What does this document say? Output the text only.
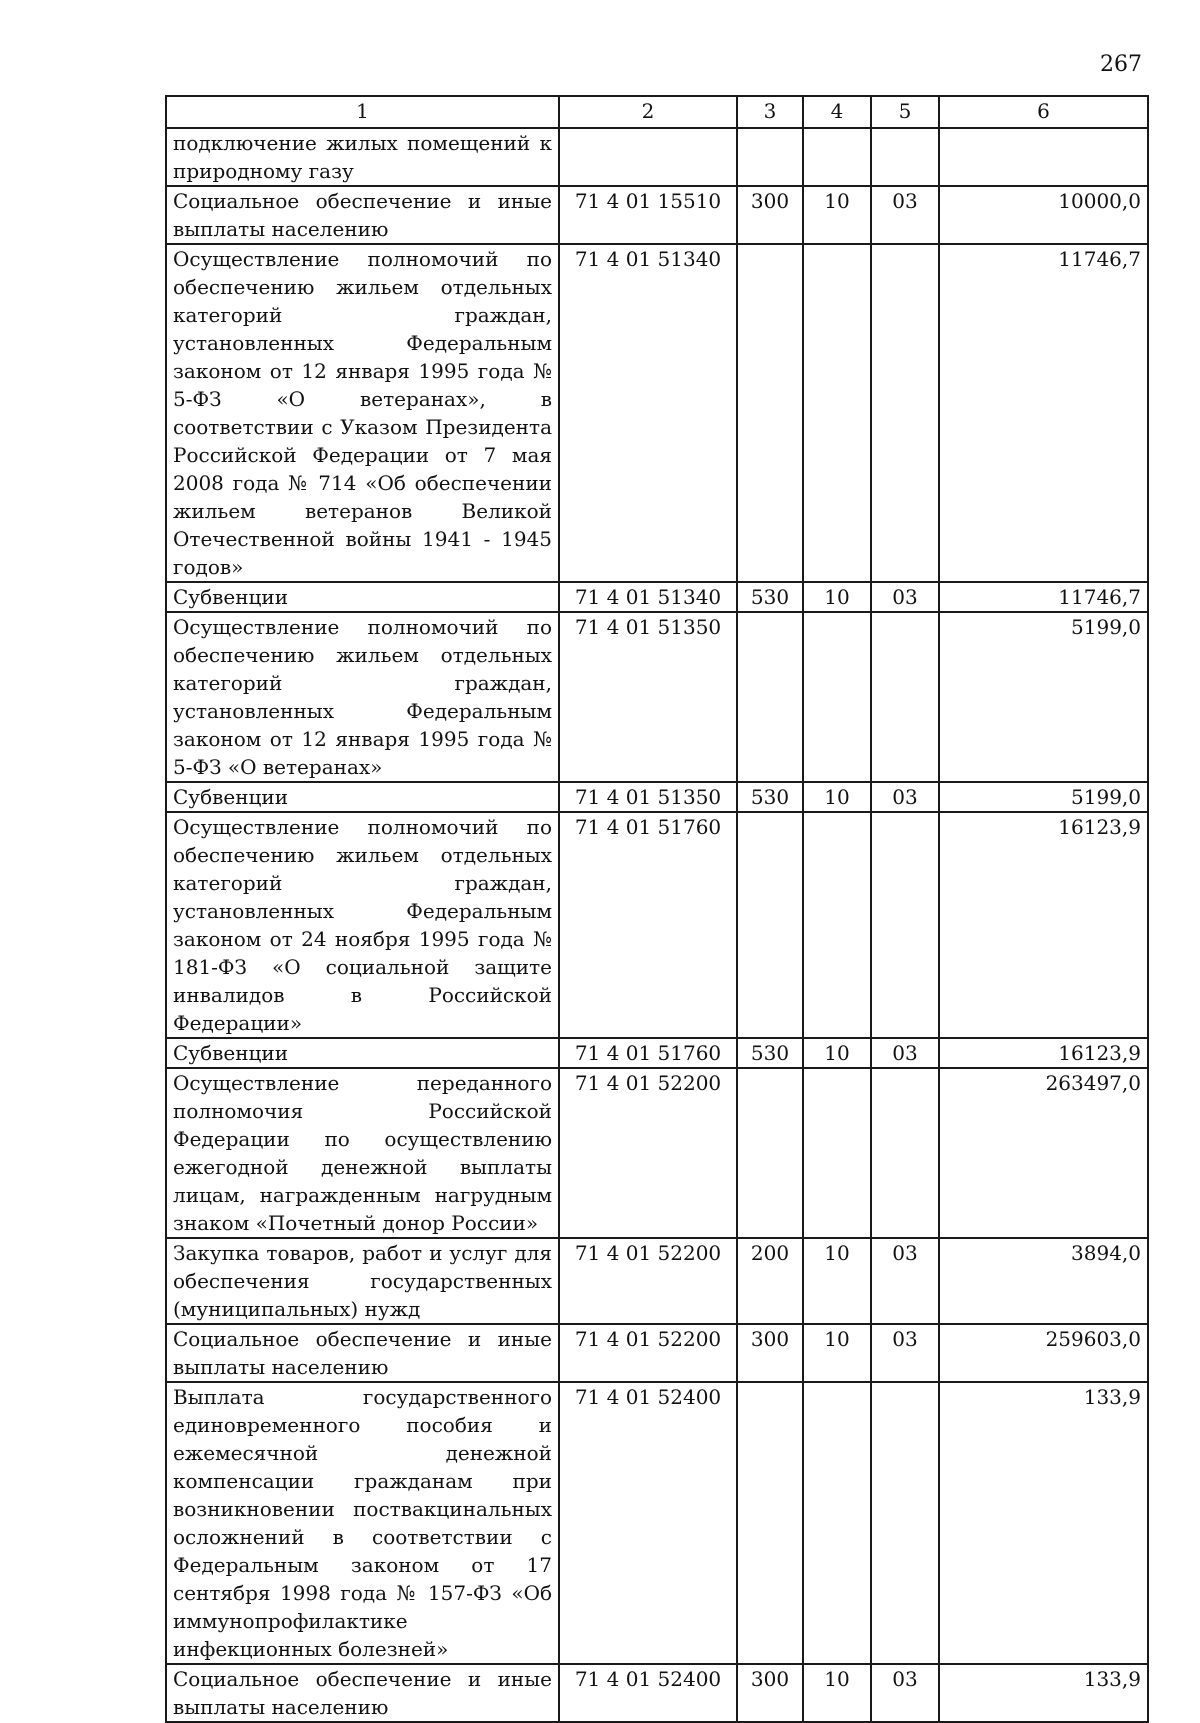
267
1	2	3	4	5	6
подключение жилых помещений к природному газу					
Социальное обеспечение и иные выплаты населению	71 4 01 15510	300	10	03	10000,0
Осуществление полномочий по обеспечению жильем отдельных категорий граждан, установленных Федеральным законом от 12 января 1995 года № 5-ФЗ «О ветеранах», в соответствии с Указом Президента Российской Федерации от 7 мая 2008 года № 714 «Об обеспечении жильем ветеранов Великой Отечественной войны 1941 - 1945 годов»	71 4 01 51340				11746,7
Субвенции	71 4 01 51340	530	10	03	11746,7
Осуществление полномочий по обеспечению жильем отдельных категорий граждан, установленных Федеральным законом от 12 января 1995 года № 5-ФЗ «О ветеранах»	71 4 01 51350				5199,0
Субвенции	71 4 01 51350	530	10	03	5199,0
Осуществление полномочий по обеспечению жильем отдельных категорий граждан, установленных Федеральным законом от 24 ноября 1995 года № 181-ФЗ «О социальной защите инвалидов в Российской Федерации»	71 4 01 51760				16123,9
Субвенции	71 4 01 51760	530	10	03	16123,9
Осуществление переданного полномочия Российской Федерации по осуществлению ежегодной денежной выплаты лицам, награжденным нагрудным знаком «Почетный донор России»	71 4 01 52200				263497,0
Закупка товаров, работ и услуг для обеспечения государственных (муниципальных) нужд	71 4 01 52200	200	10	03	3894,0
Социальное обеспечение и иные выплаты населению	71 4 01 52200	300	10	03	259603,0
Выплата государственного единовременного пособия и ежемесячной денежной компенсации гражданам при возникновении поствакцинальных осложнений в соответствии с Федеральным законом от 17 сентября 1998 года № 157-ФЗ «Об иммунопрофилактике инфекционных болезней»	71 4 01 52400				133,9
Социальное обеспечение и иные выплаты населению	71 4 01 52400	300	10	03	133,9
